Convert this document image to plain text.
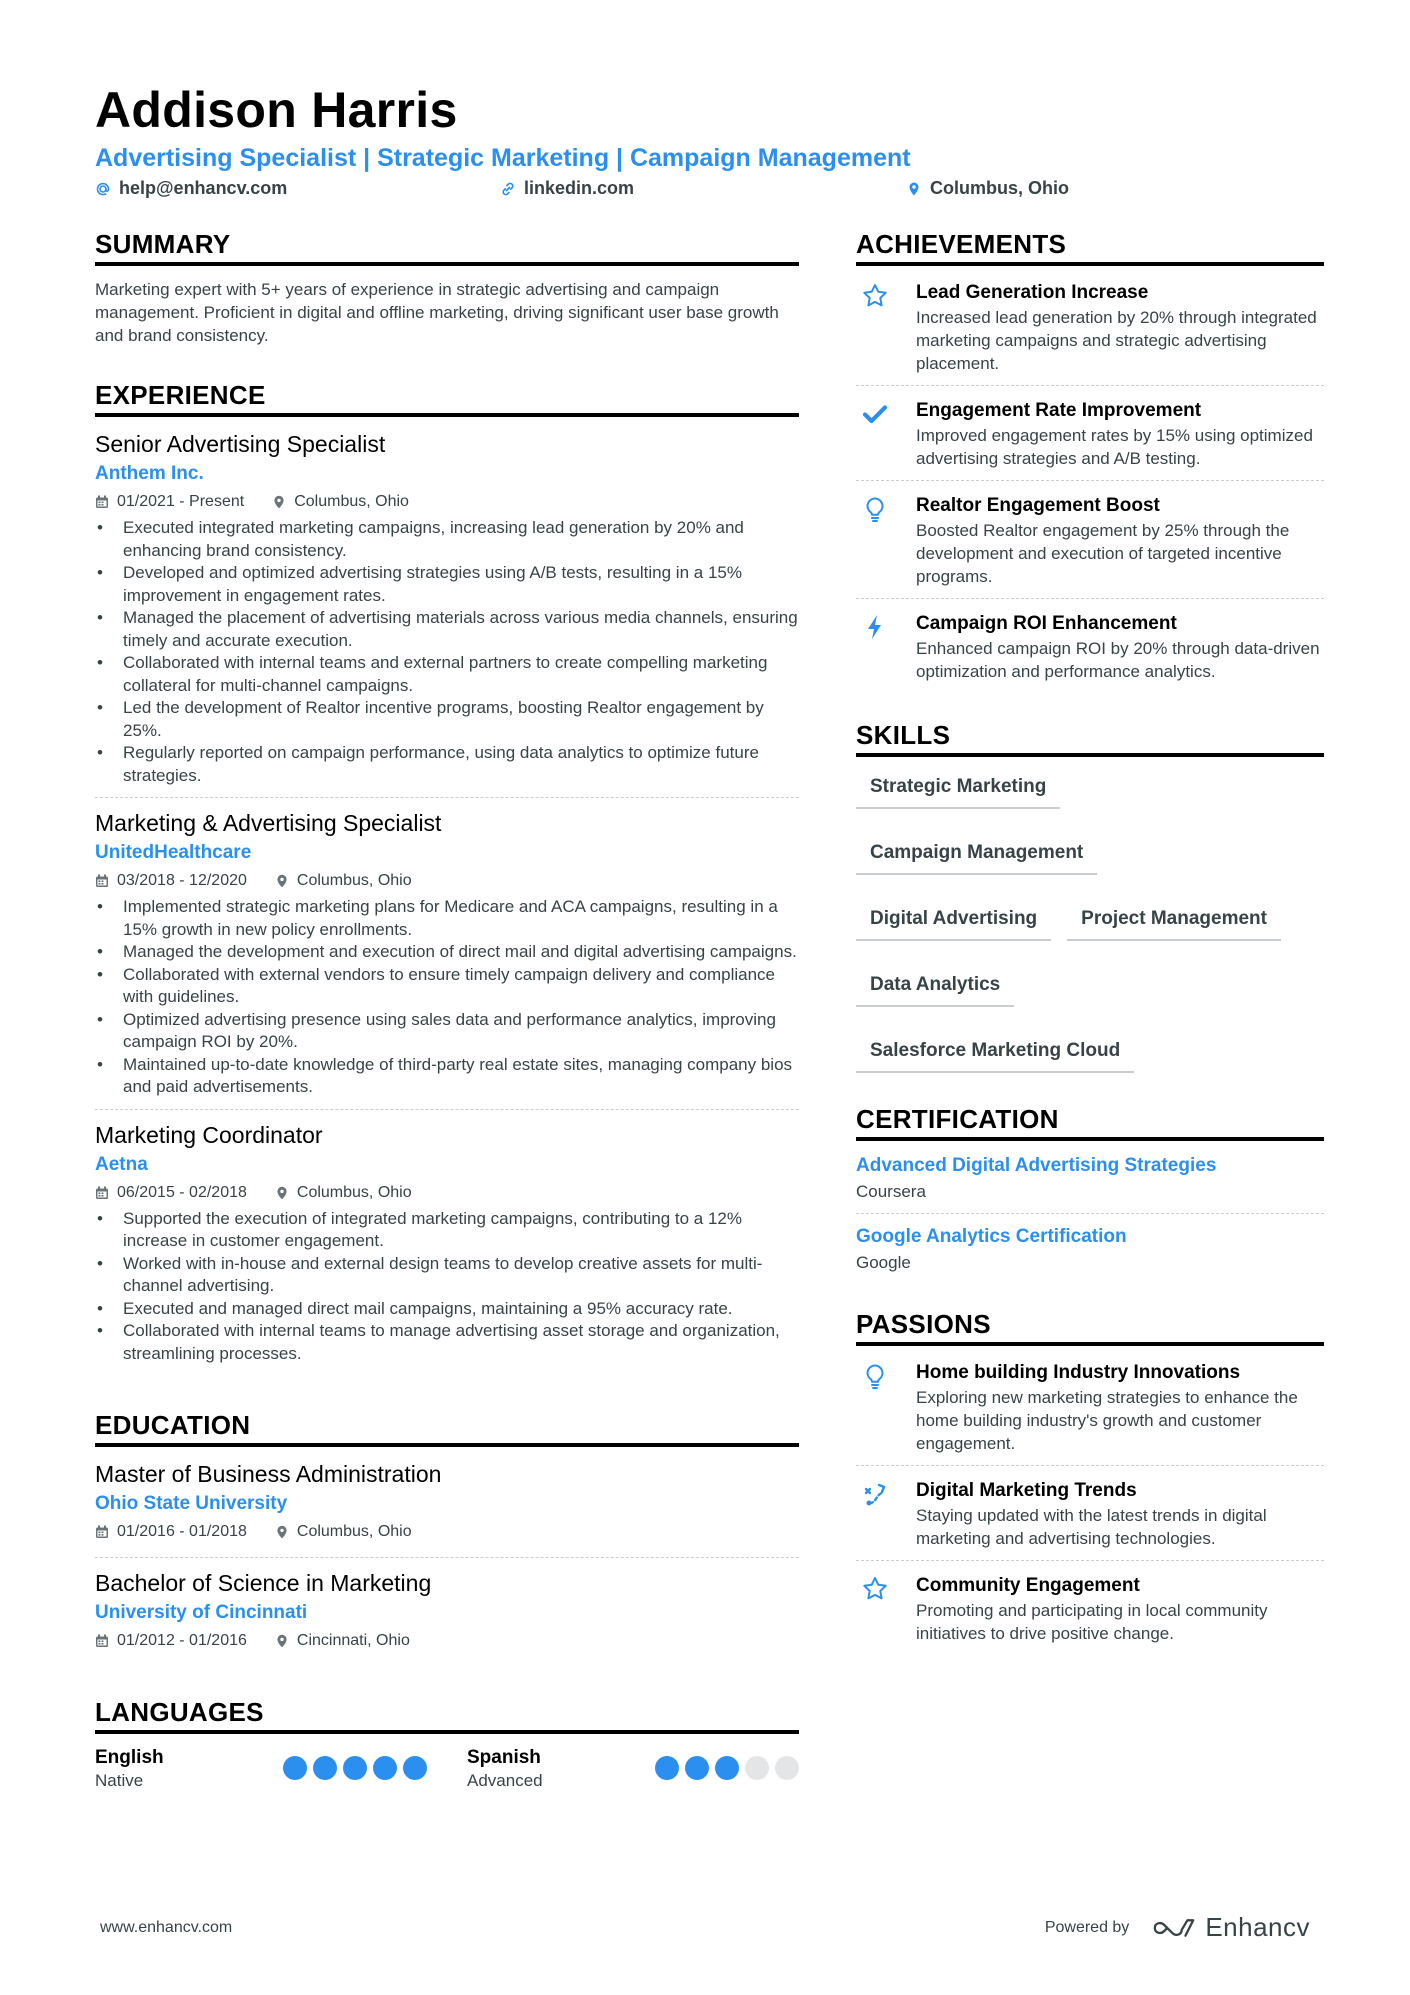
Addison Harris
Advertising Specialist | Strategic Marketing | Campaign Management
help@enhancv.com	linkedin.com	Columbus, Ohio
SUMMARY
Marketing expert with 5+ years of experience in strategic advertising and campaign management. Proficient in digital and offline marketing, driving significant user base growth and brand consistency.
EXPERIENCE
Senior Advertising Specialist
Anthem Inc.
01/2021 - Present	Columbus, Ohio
• Executed integrated marketing campaigns, increasing lead generation by 20% and enhancing brand consistency.
• Developed and optimized advertising strategies using A/B tests, resulting in a 15% improvement in engagement rates.
• Managed the placement of advertising materials across various media channels, ensuring timely and accurate execution.
• Collaborated with internal teams and external partners to create compelling marketing collateral for multi-channel campaigns.
• Led the development of Realtor incentive programs, boosting Realtor engagement by 25%.
• Regularly reported on campaign performance, using data analytics to optimize future strategies.
Marketing & Advertising Specialist
UnitedHealthcare
03/2018 - 12/2020	Columbus, Ohio
• Implemented strategic marketing plans for Medicare and ACA campaigns, resulting in a 15% growth in new policy enrollments.
• Managed the development and execution of direct mail and digital advertising campaigns.
• Collaborated with external vendors to ensure timely campaign delivery and compliance with guidelines.
• Optimized advertising presence using sales data and performance analytics, improving campaign ROI by 20%.
• Maintained up-to-date knowledge of third-party real estate sites, managing company bios and paid advertisements.
Marketing Coordinator
Aetna
06/2015 - 02/2018	Columbus, Ohio
• Supported the execution of integrated marketing campaigns, contributing to a 12% increase in customer engagement.
• Worked with in-house and external design teams to develop creative assets for multi-channel advertising.
• Executed and managed direct mail campaigns, maintaining a 95% accuracy rate.
• Collaborated with internal teams to manage advertising asset storage and organization, streamlining processes.
EDUCATION
Master of Business Administration
Ohio State University
01/2016 - 01/2018	Columbus, Ohio
Bachelor of Science in Marketing
University of Cincinnati
01/2012 - 01/2016	Cincinnati, Ohio
LANGUAGES
English
Native
Spanish
Advanced
ACHIEVEMENTS
Lead Generation Increase
Increased lead generation by 20% through integrated marketing campaigns and strategic advertising placement.
Engagement Rate Improvement
Improved engagement rates by 15% using optimized advertising strategies and A/B testing.
Realtor Engagement Boost
Boosted Realtor engagement by 25% through the development and execution of targeted incentive programs.
Campaign ROI Enhancement
Enhanced campaign ROI by 20% through data-driven optimization and performance analytics.
SKILLS
Strategic Marketing
Campaign Management
Digital Advertising	Project Management
Data Analytics
Salesforce Marketing Cloud
CERTIFICATION
Advanced Digital Advertising Strategies
Coursera
Google Analytics Certification
Google
PASSIONS
Home building Industry Innovations
Exploring new marketing strategies to enhance the home building industry's growth and customer engagement.
Digital Marketing Trends
Staying updated with the latest trends in digital marketing and advertising technologies.
Community Engagement
Promoting and participating in local community initiatives to drive positive change.
www.enhancv.com	Powered by	Enhancv
